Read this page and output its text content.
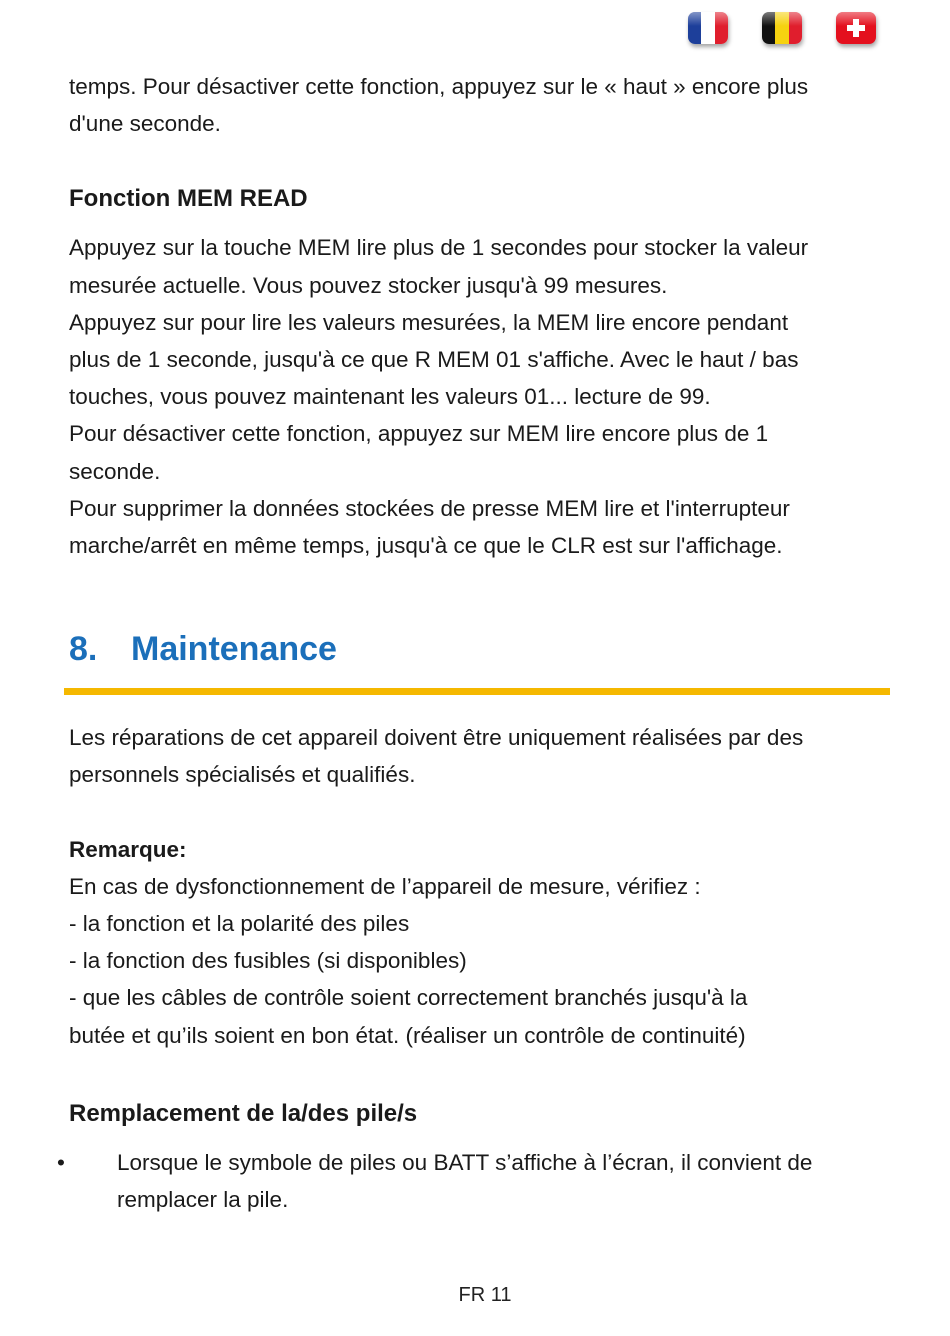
temps. Pour désactiver cette fonction, appuyez sur le « haut » encore plus

d'une seconde.

Fonction MEM READ

Appuyez sur la touche MEM lire plus de 1 secondes pour stocker la valeur

mesurée actuelle. Vous pouvez stocker jusqu'à 99 mesures.

Appuyez sur pour lire les valeurs mesurées, la MEM lire encore pendant

plus de 1 seconde, jusqu'à ce que R MEM 01 s'affiche. Avec le haut / bas

touches, vous pouvez maintenant les valeurs 01... lecture de 99.

Pour désactiver cette fonction, appuyez sur MEM lire encore plus de 1

seconde.

Pour supprimer la données stockées de presse MEM lire et l'interrupteur

marche/arrêt en même temps, jusqu'à ce que le CLR est sur l'affichage.

8. Maintenance

Les réparations de cet appareil doivent être uniquement réalisées par des

personnels spécialisés et qualifiés.

Remarque:

En cas de dysfonctionnement de l’appareil de mesure, vérifiez :

- la fonction et la polarité des piles

- la fonction des fusibles (si disponibles)

- que les câbles de contrôle soient correctement branchés jusqu'à la

butée et qu’ils soient en bon état. (réaliser un contrôle de continuité)

Remplacement de la/des pile/s

•	Lorsque le symbole de piles ou BATT s’affiche à l’écran, il convient de

remplacer la pile.

FR 11
